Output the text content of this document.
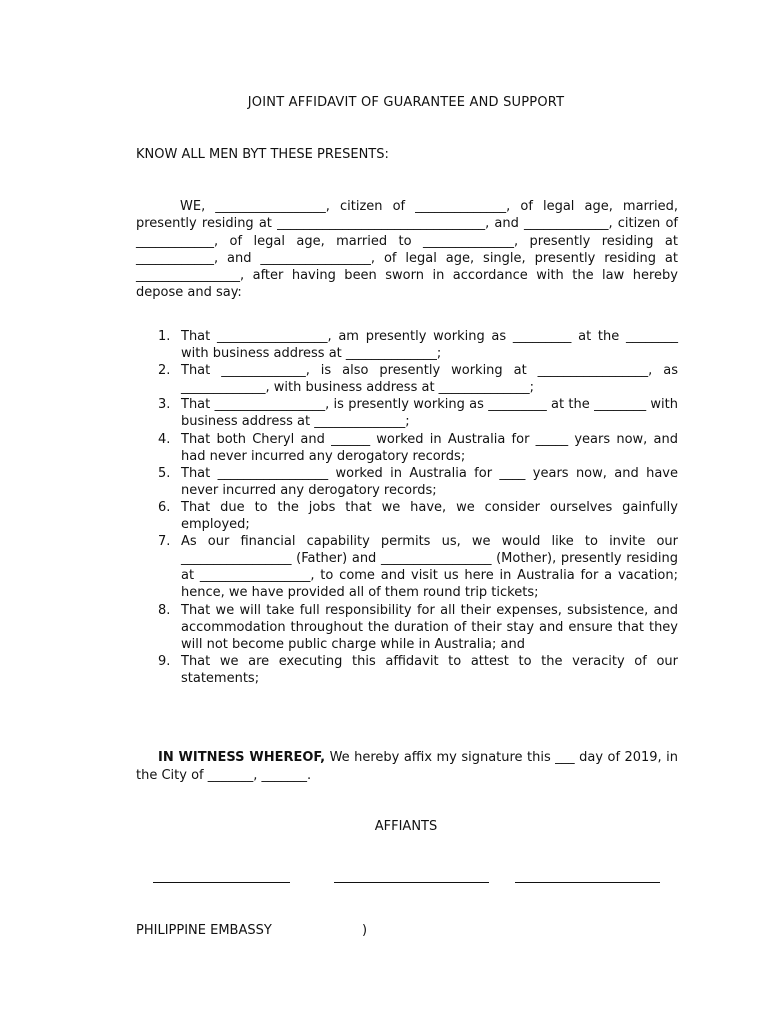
JOINT AFFIDAVIT OF GUARANTEE AND SUPPORT
KNOW ALL MEN BYT THESE PRESENTS:
WE, _________________, citizen of ______________, of legal age, married, presently residing at ________________________________, and _____________, citizen of ____________, of legal age, married to ______________, presently residing at ____________, and _________________, of legal age, single, presently residing at ________________, after having been sworn in accordance with the law hereby depose and say:
1. That _________________, am presently working as _________ at the ________ with business address at ______________;
2. That _____________, is also presently working at _________________, as _____________, with business address at ______________;
3. That _________________, is presently working as _________ at the ________ with business address at ______________;
4. That both Cheryl and ______ worked in Australia for _____ years now, and had never incurred any derogatory records;
5. That _________________ worked in Australia for ____ years now, and have never incurred any derogatory records;
6. That due to the jobs that we have, we consider ourselves gainfully employed;
7. As our financial capability permits us, we would like to invite our _________________ (Father) and _________________ (Mother), presently residing at _________________, to come and visit us here in Australia for a vacation; hence, we have provided all of them round trip tickets;
8. That we will take full responsibility for all their expenses, subsistence, and accommodation throughout the duration of their stay and ensure that they will not become public charge while in Australia; and
9. That we are executing this affidavit to attest to the veracity of our statements;
IN WITNESS WHEREOF, We hereby affix my signature this ___ day of 2019, in the City of _______, _______.
AFFIANTS
PHILIPPINE EMBASSY	)
